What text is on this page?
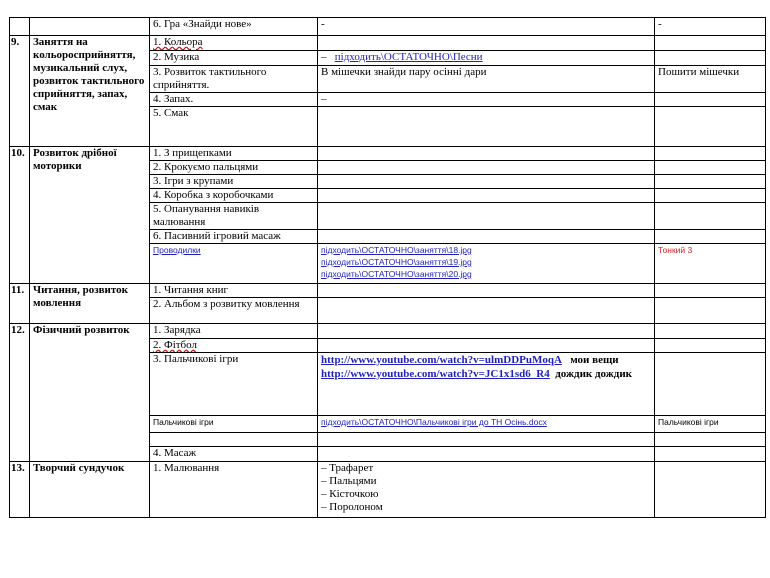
		6. Гра «Знайди нове»	-	-
9.	Заняття на кольоросприйняття, музикальний слух, розвиток тактильного сприйняття, запах, смак	1. Кольора		
		2. Музика	– підходить\ОСТАТОЧНО\Песни	
		3. Розвиток тактильного сприйняття.	В мішечки знайди пару осінні дари	Пошити мішечки
		4. Запах.	–	
		5. Смак		
10.	Розвиток дрібної моторики	1. З прищепками		
		2. Крокуємо пальцями		
		3. Ігри з крупами		
		4. Коробка з коробочками		
		5. Опанування навиків малювання		
		6. Пасивний ігровий масаж		
		Проводилки	підходить\ОСТАТОЧНО\заняття\18.jpg
підходить\ОСТАТОЧНО\заняття\19.jpg
підходить\ОСТАТОЧНО\заняття\20.jpg	Тонкий 3
11.	Читання, розвиток мовлення	1. Читання книг		
		2. Альбом з розвитку мовлення		
12.	Фізичний розвиток	1. Зарядка		
		2. Фітбол		
		3. Пальчикові ігри	http://www.youtube.com/watch?v=ulmDDPuMoqA мои вещи
http://www.youtube.com/watch?v=JC1x1sd6_R4 дождик дождик	

		Пальчикові ігри	підходить\ОСТАТОЧНО\Пальчикові ігри до ТН Осінь.docx	Пальчикові ігри

		4. Масаж		
13.	Творчий сундучок	1. Малювання	– Трафарет
– Пальцями
– Кісточкою
– Поролоном
